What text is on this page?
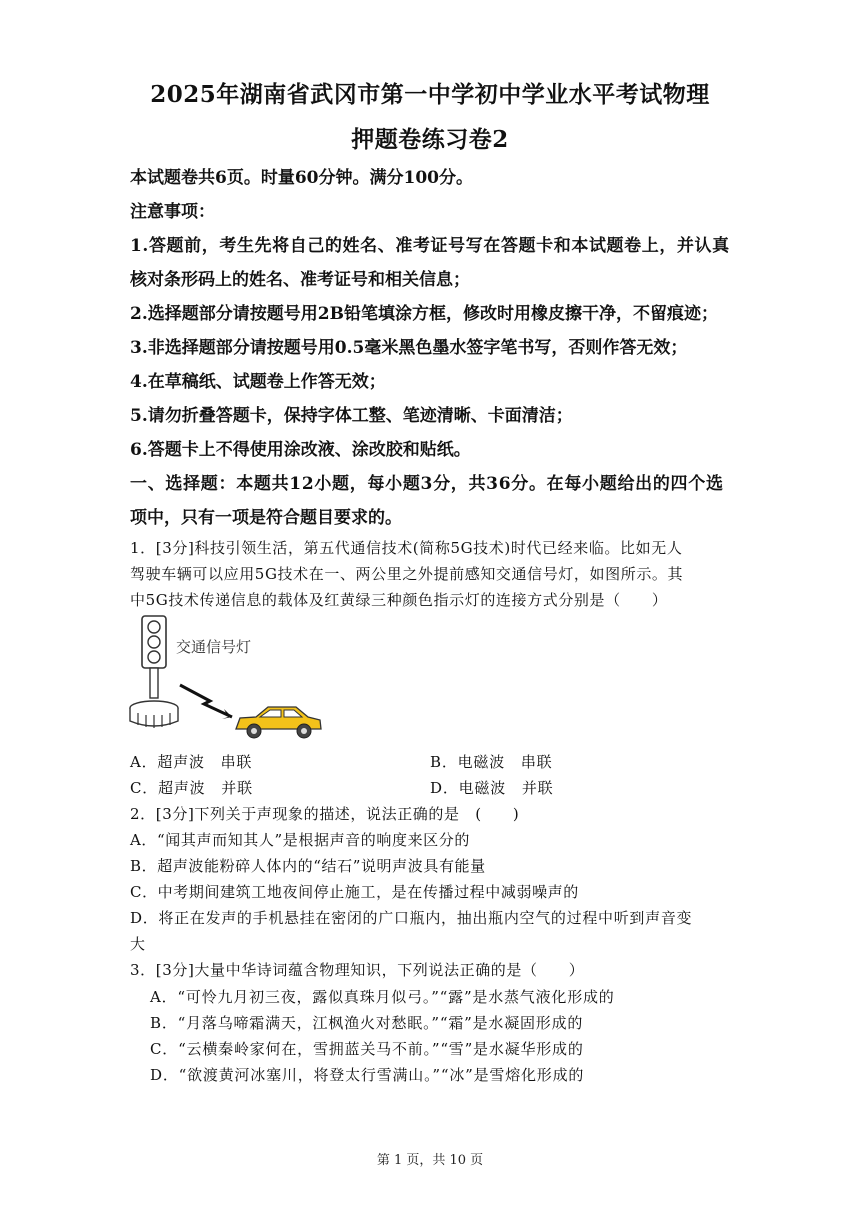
2025年湖南省武冈市第一中学初中学业水平考试物理
押题卷练习卷2
本试题卷共6页。时量60分钟。满分100分。
注意事项：
1.答题前，考生先将自己的姓名、准考证号写在答题卡和本试题卷上，并认真
核对条形码上的姓名、准考证号和相关信息；
2.选择题部分请按题号用2B铅笔填涂方框，修改时用橡皮擦干净，不留痕迹；
3.非选择题部分请按题号用0.5毫米黑色墨水签字笔书写，否则作答无效；
4.在草稿纸、试题卷上作答无效；
5.请勿折叠答题卡，保持字体工整、笔迹清晰、卡面清洁；
6.答题卡上不得使用涂改液、涂改胶和贴纸。
一、选择题：本题共12小题，每小题3分，共36分。在每小题给出的四个选
项中，只有一项是符合题目要求的。
1．[3分]科技引领生活，第五代通信技术(简称5G技术)时代已经来临。比如无人
驾驶车辆可以应用5G技术在一、两公里之外提前感知交通信号灯，如图所示。其
中5G技术传递信息的载体及红黄绿三种颜色指示灯的连接方式分别是（　　）
交通信号灯
A．超声波　串联	B．电磁波　串联
C．超声波　并联	D．电磁波　并联
2．[3分]下列关于声现象的描述，说法正确的是　(　　)
A．“闻其声而知其人”是根据声音的响度来区分的
B．超声波能粉碎人体内的“结石”说明声波具有能量
C．中考期间建筑工地夜间停止施工，是在传播过程中减弱噪声的
D．将正在发声的手机悬挂在密闭的广口瓶内，抽出瓶内空气的过程中听到声音变
大
3．[3分]大量中华诗词蕴含物理知识，下列说法正确的是（　　）
A．“可怜九月初三夜，露似真珠月似弓。”“露”是水蒸气液化形成的
B．“月落乌啼霜满天，江枫渔火对愁眠。”“霜”是水凝固形成的
C．“云横秦岭家何在，雪拥蓝关马不前。”“雪”是水凝华形成的
D．“欲渡黄河冰塞川，将登太行雪满山。”“冰”是雪熔化形成的
第 1 页，共 10 页
